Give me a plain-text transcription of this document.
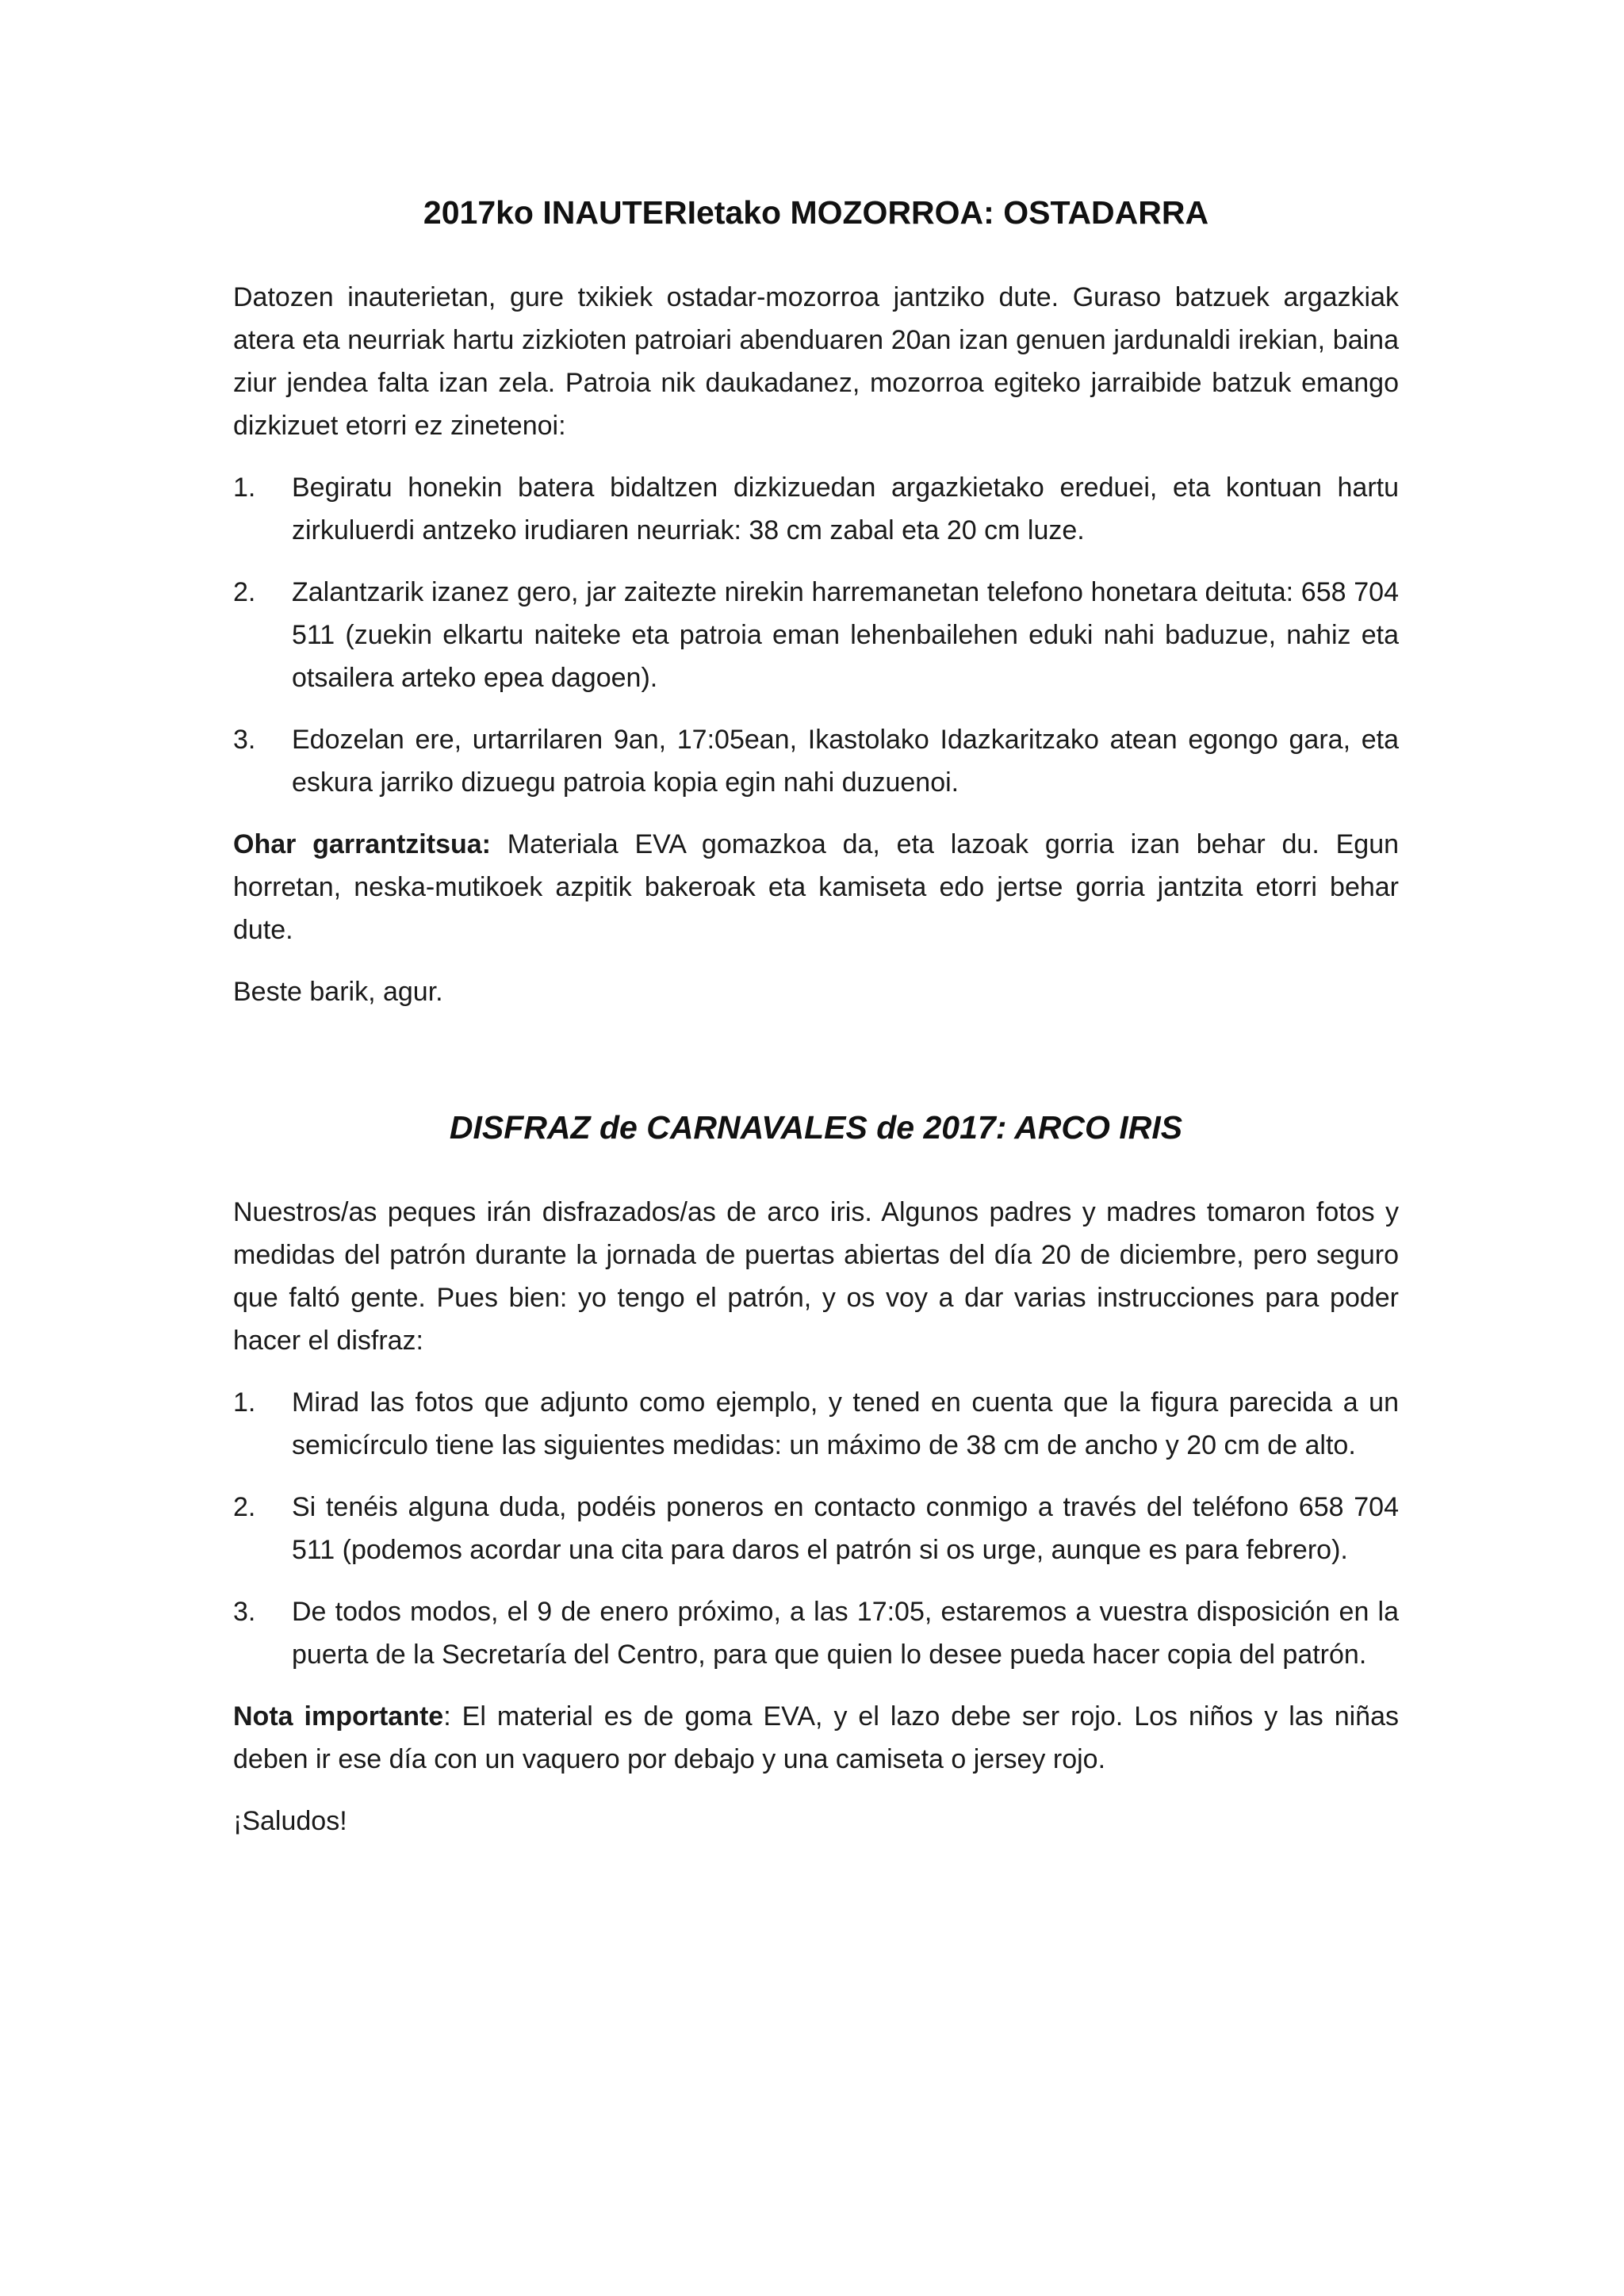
2017ko INAUTERIetako MOZORROA: OSTADARRA

Datozen inauterietan, gure txikiek ostadar-mozorroa jantziko dute. Guraso batzuek argazkiak atera eta neurriak hartu zizkioten patroiari abenduaren 20an izan genuen jardunaldi irekian, baina ziur jendea falta izan zela. Patroia nik daukadanez, mozorroa egiteko jarraibide batzuk emango dizkizuet etorri ez zinetenoi:

1. Begiratu honekin batera bidaltzen dizkizuedan argazkietako ereduei, eta kontuan hartu zirkuluerdi antzeko irudiaren neurriak: 38 cm zabal eta 20 cm luze.
2. Zalantzarik izanez gero, jar zaitezte nirekin harremanetan telefono honetara deituta: 658 704 511 (zuekin elkartu naiteke eta patroia eman lehenbailehen eduki nahi baduzue, nahiz eta otsailera arteko epea dagoen).
3. Edozelan ere, urtarrilaren 9an, 17:05ean, Ikastolako Idazkaritzako atean egongo gara, eta eskura jarriko dizuegu patroia kopia egin nahi duzuenoi.

Ohar garrantzitsua: Materiala EVA gomazkoa da, eta lazoak gorria izan behar du. Egun horretan, neska-mutikoek azpitik bakeroak eta kamiseta edo jertse gorria jantzita etorri behar dute.

Beste barik, agur.

DISFRAZ de CARNAVALES de 2017: ARCO IRIS

Nuestros/as peques irán disfrazados/as de arco iris. Algunos padres y madres tomaron fotos y medidas del patrón durante la jornada de puertas abiertas del día 20 de diciembre, pero seguro que faltó gente. Pues bien: yo tengo el patrón, y os voy a dar varias instrucciones para poder hacer el disfraz:

1. Mirad las fotos que adjunto como ejemplo, y tened en cuenta que la figura parecida a un semicírculo tiene las siguientes medidas: un máximo de 38 cm de ancho y 20 cm de alto.
2. Si tenéis alguna duda, podéis poneros en contacto conmigo a través del teléfono 658 704 511 (podemos acordar una cita para daros el patrón si os urge, aunque es para febrero).
3. De todos modos, el 9 de enero próximo, a las 17:05, estaremos a vuestra disposición en la puerta de la Secretaría del Centro, para que quien lo desee pueda hacer copia del patrón.

Nota importante: El material es de goma EVA, y el lazo debe ser rojo. Los niños y las niñas deben ir ese día con un vaquero por debajo y una camiseta o jersey rojo.

¡Saludos!
